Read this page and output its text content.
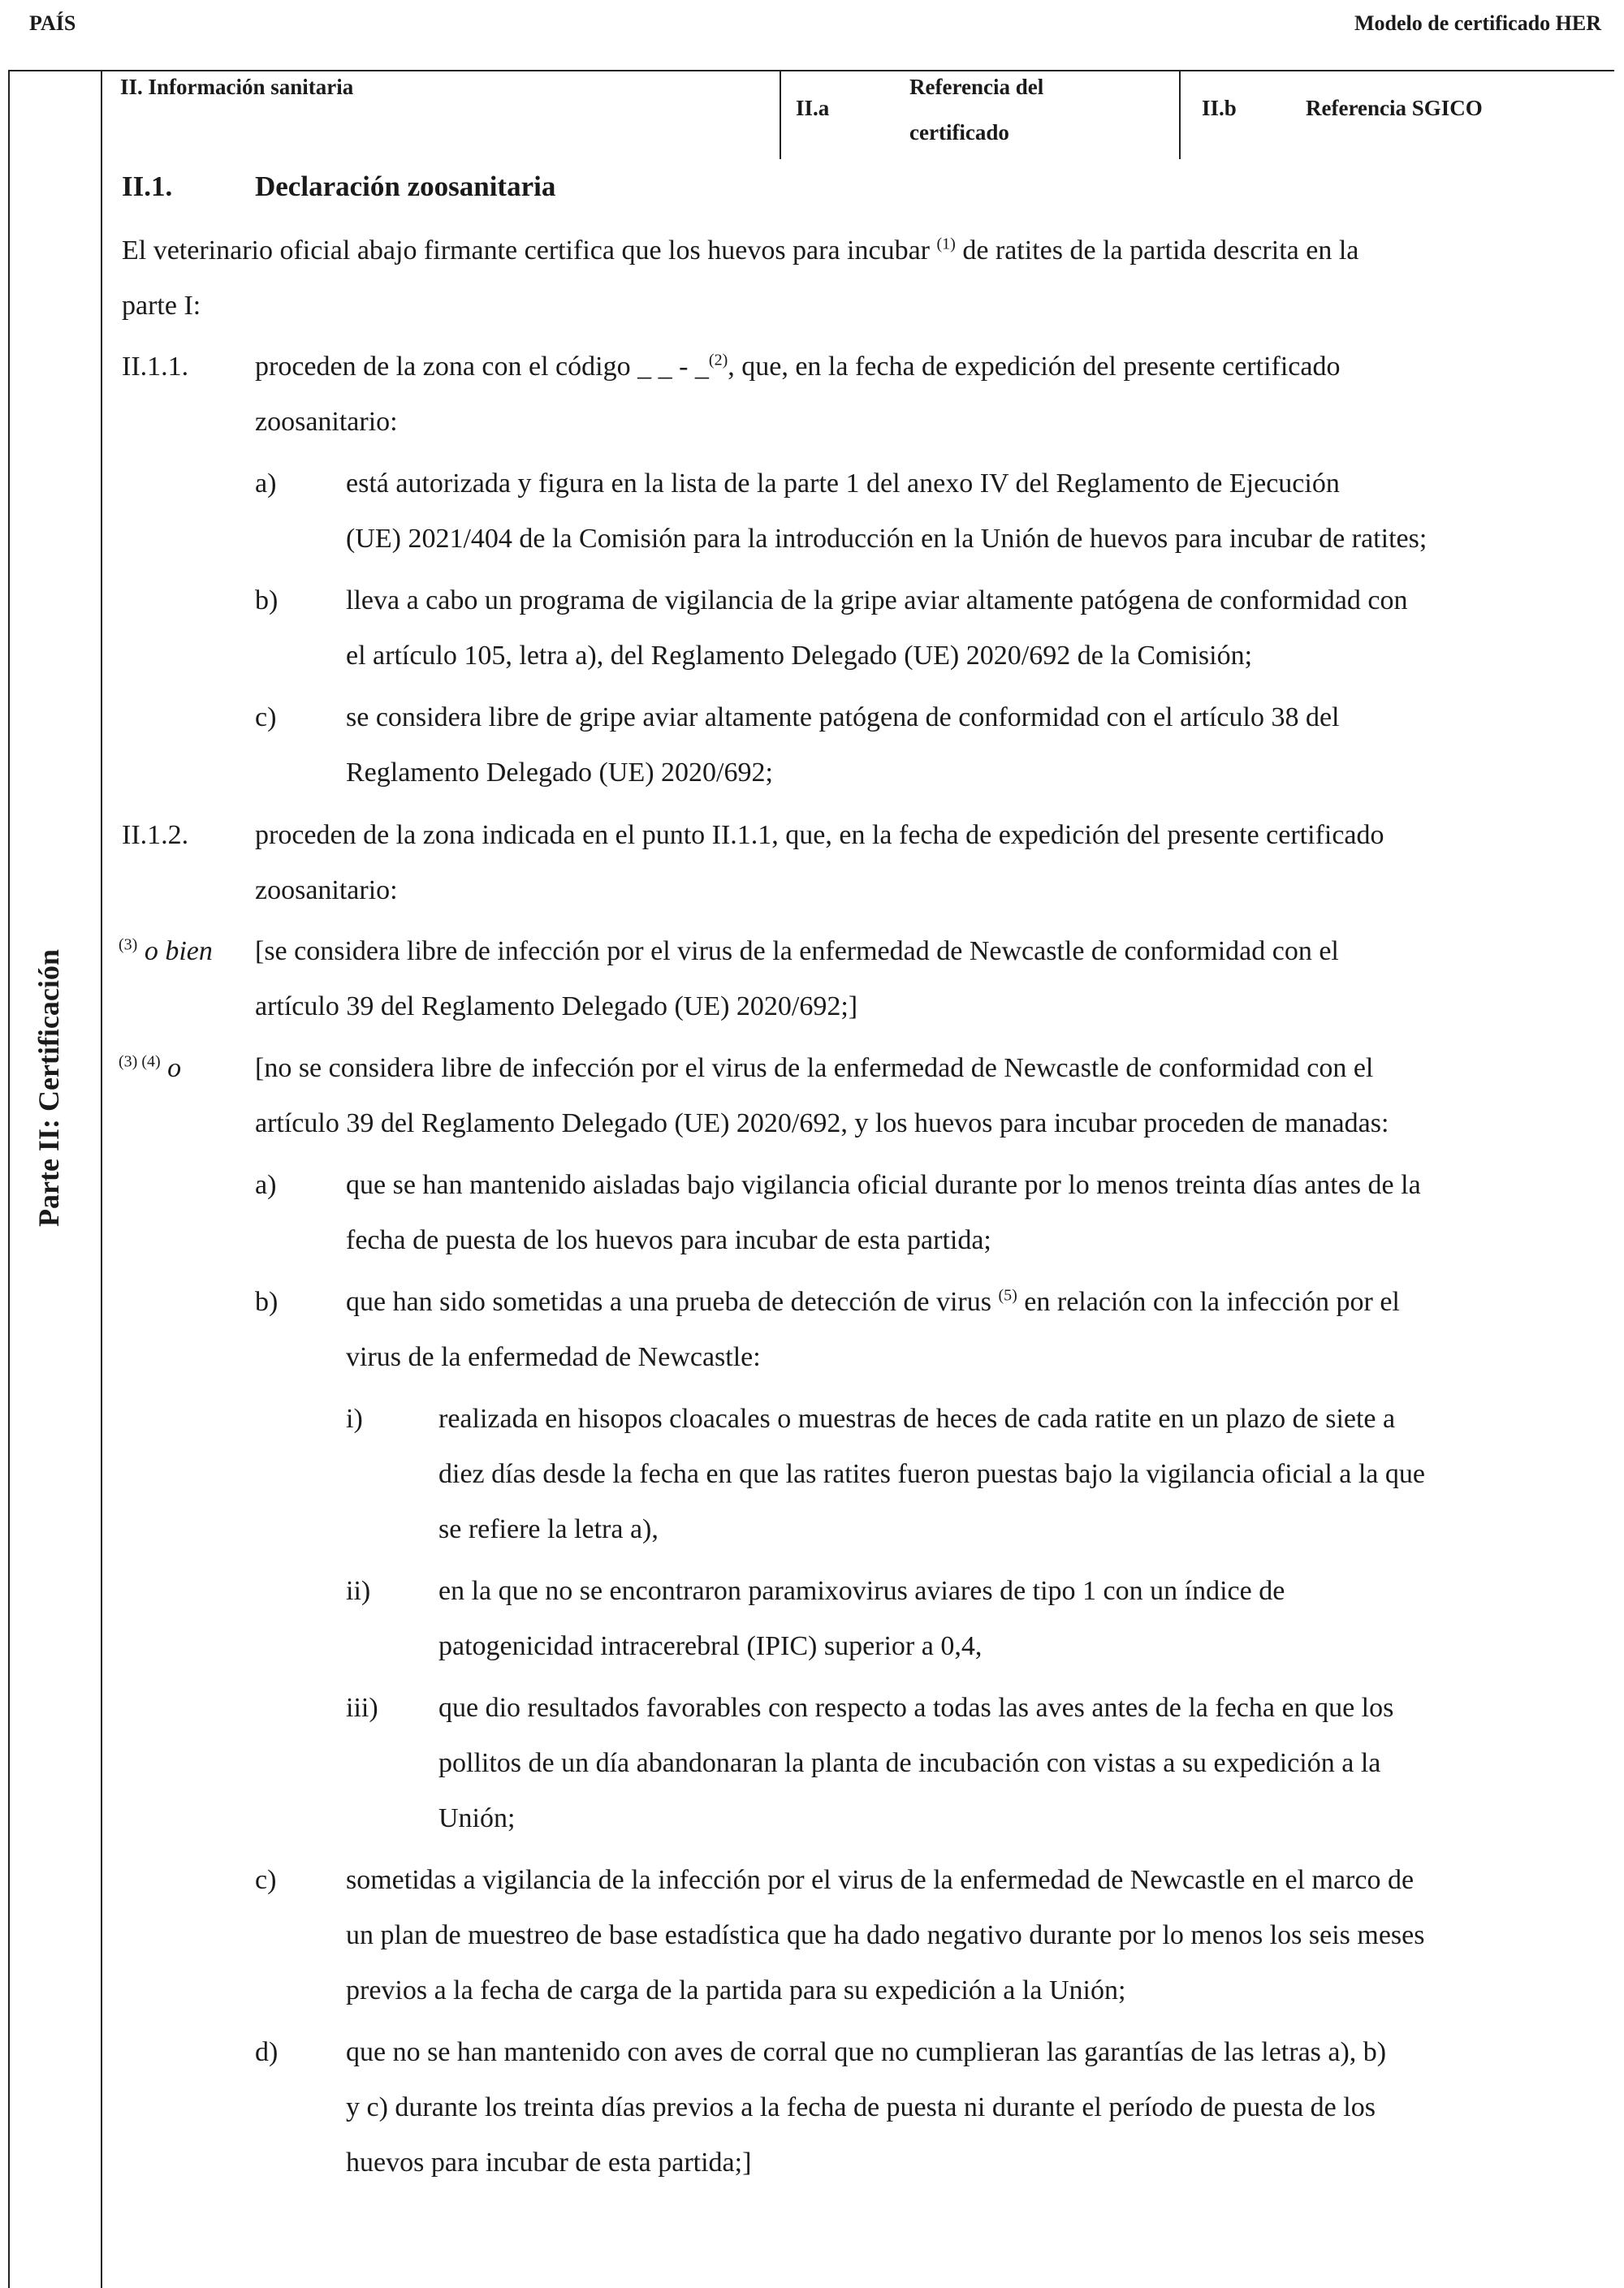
PAÍS	Modelo de certificado HER
Parte II: Certificación
II. Información sanitaria
II.a
Referencia del
certificado
II.b	Referencia SGICO
II.1.	Declaración zoosanitaria
El veterinario oficial abajo firmante certifica que los huevos para incubar $^{(1)}$ de ratites de la partida descrita en la
parte I:
II.1.1. proceden de la zona con el código _ _ - _$^{(2)}$, que, en la fecha de expedición del presente certificado
zoosanitario:
a)	está autorizada y figura en la lista de la parte 1 del anexo IV del Reglamento de Ejecución
(UE) 2021/404 de la Comisión para la introducción en la Unión de huevos para incubar de ratites;
b) lleva a cabo un programa de vigilancia de la gripe aviar altamente patógena de conformidad con
el artículo 105, letra a), del Reglamento Delegado (UE) 2020/692 de la Comisión;
c)	se considera libre de gripe aviar altamente patógena de conformidad con el artículo 38 del
Reglamento Delegado (UE) 2020/692;
II.1.2. proceden de la zona indicada en el punto II.1.1, que, en la fecha de expedición del presente certificado
zoosanitario:
$^{(3)}$ o bien [se considera libre de infección por el virus de la enfermedad de Newcastle de conformidad con el
artículo 39 del Reglamento Delegado (UE) 2020/692;]
$^{(3) (4)}$ o	[no se considera libre de infección por el virus de la enfermedad de Newcastle de conformidad con el
artículo 39 del Reglamento Delegado (UE) 2020/692, y los huevos para incubar proceden de manadas:
a)	que se han mantenido aisladas bajo vigilancia oficial durante por lo menos treinta días antes de la
fecha de puesta de los huevos para incubar de esta partida;
b) que han sido sometidas a una prueba de detección de virus $^{(5)}$ en relación con la infección por el
virus de la enfermedad de Newcastle:
i)	realizada en hisopos cloacales o muestras de heces de cada ratite en un plazo de siete a
diez días desde la fecha en que las ratites fueron puestas bajo la vigilancia oficial a la que
se refiere la letra a),
ii) en la que no se encontraron paramixovirus aviares de tipo 1 con un índice de
patogenicidad intracerebral (IPIC) superior a 0,4,
iii) que dio resultados favorables con respecto a todas las aves antes de la fecha en que los
pollitos de un día abandonaran la planta de incubación con vistas a su expedición a la
Unión;
c)	sometidas a vigilancia de la infección por el virus de la enfermedad de Newcastle en el marco de
un plan de muestreo de base estadística que ha dado negativo durante por lo menos los seis meses
previos a la fecha de carga de la partida para su expedición a la Unión;
d) que no se han mantenido con aves de corral que no cumplieran las garantías de las letras a), b)
y c) durante los treinta días previos a la fecha de puesta ni durante el período de puesta de los
huevos para incubar de esta partida;]
